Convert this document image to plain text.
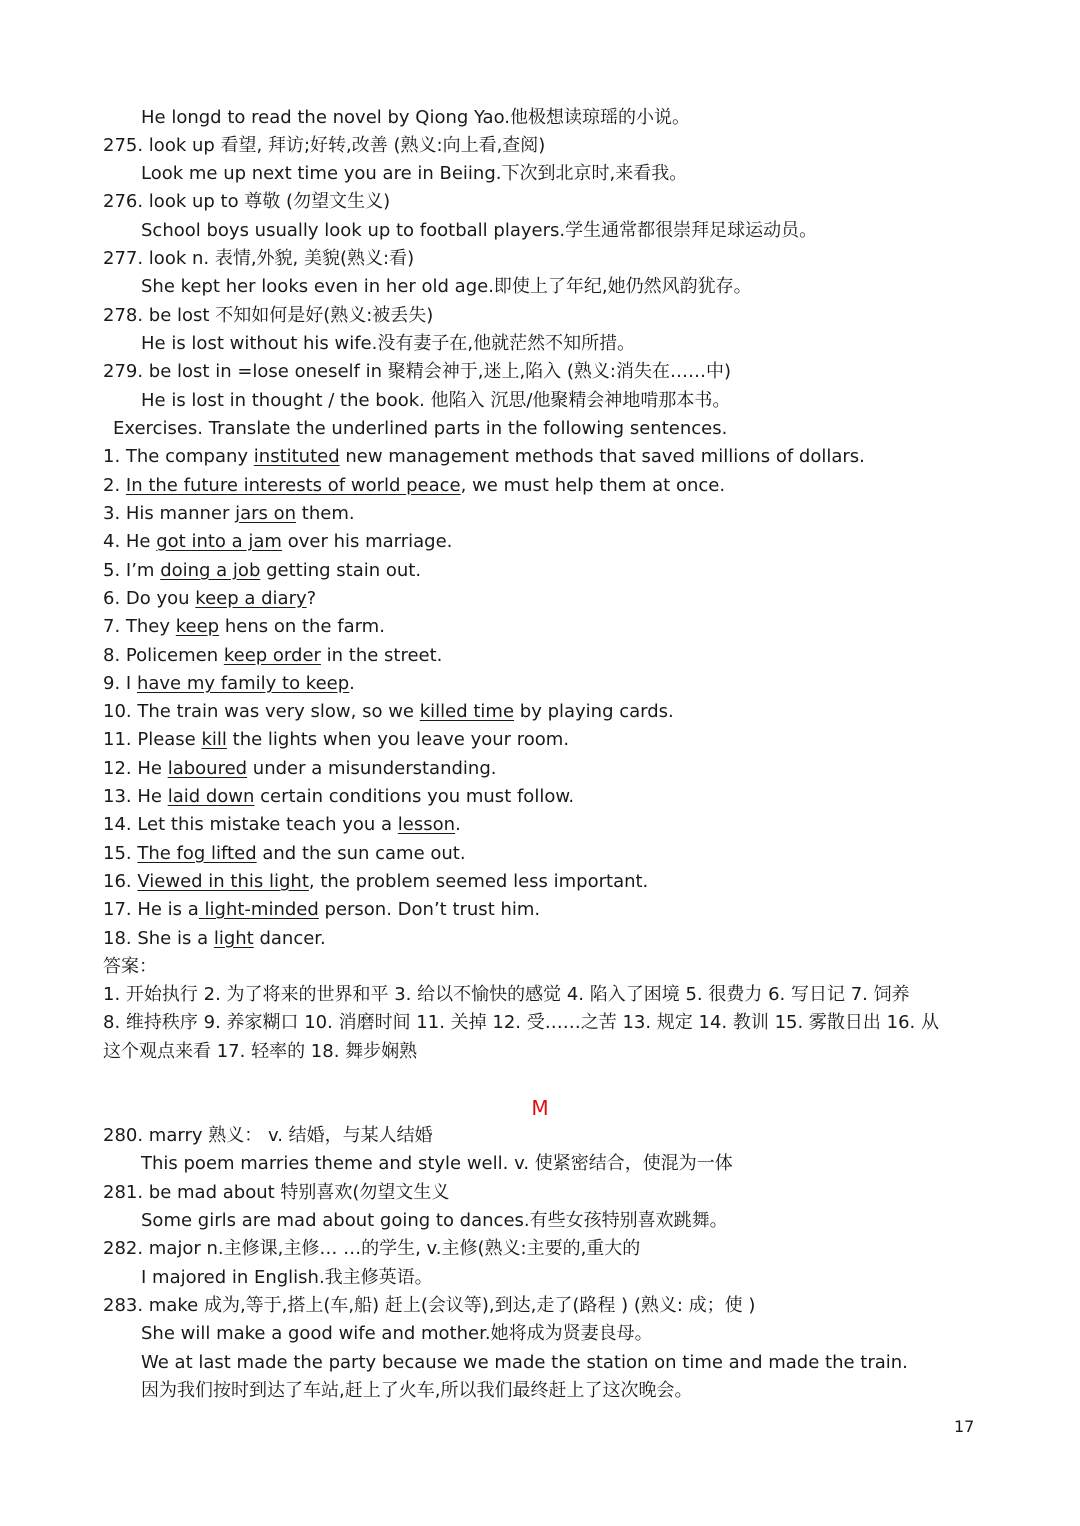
He longd to read the novel by Qiong Yao.他极想读琼瑶的小说。
275. look up 看望, 拜访;好转,改善 (熟义:向上看,查阅)
Look me up next time you are in Beiing.下次到北京时,来看我。
276. look up to 尊敬 (勿望文生义)
School boys usually look up to football players.学生通常都很崇拜足球运动员。
277. look n. 表情,外貌, 美貌(熟义:看)
She kept her looks even in her old age.即使上了年纪,她仍然风韵犹存。
278. be lost 不知如何是好(熟义:被丢失)
He is lost without his wife.没有妻子在,他就茫然不知所措。
279. be lost in =lose oneself in 聚精会神于,迷上,陷入 (熟义:消失在……中)
He is lost in thought / the book. 他陷入 沉思/他聚精会神地啃那本书。
Exercises. Translate the underlined parts in the following sentences.
1. The company instituted new management methods that saved millions of dollars.
2. In the future interests of world peace, we must help them at once.
3. His manner jars on them.
4. He got into a jam over his marriage.
5. I’m doing a job getting stain out.
6. Do you keep a diary?
7. They keep hens on the farm.
8. Policemen keep order in the street.
9. I have my family to keep.
10. The train was very slow, so we killed time by playing cards.
11. Please kill the lights when you leave your room.
12. He laboured under a misunderstanding.
13. He laid down certain conditions you must follow.
14. Let this mistake teach you a lesson.
15. The fog lifted and the sun came out.
16. Viewed in this light, the problem seemed less important.
17. He is a light-minded person. Don’t trust him.
18. She is a light dancer.
答案：
1. 开始执行 2. 为了将来的世界和平 3. 给以不愉快的感觉 4. 陷入了困境 5. 很费力 6. 写日记 7. 饲养
8. 维持秩序 9. 养家糊口 10. 消磨时间 11. 关掉 12. 受……之苦 13. 规定 14. 教训 15. 雾散日出 16. 从
这个观点来看 17. 轻率的 18. 舞步娴熟
M
280. marry 熟义： v. 结婚，与某人结婚
This poem marries theme and style well. v. 使紧密结合，使混为一体
281. be mad about 特别喜欢(勿望文生义
Some girls are mad about going to dances.有些女孩特别喜欢跳舞。
282. major n.主修课,主修… …的学生, v.主修(熟义:主要的,重大的
I majored in English.我主修英语。
283. make 成为,等于,搭上(车,船) 赶上(会议等),到达,走了(路程 ) (熟义: 成；使 )
She will make a good wife and mother.她将成为贤妻良母。
We at last made the party because we made the station on time and made the train.
因为我们按时到达了车站,赶上了火车,所以我们最终赶上了这次晚会。
17
